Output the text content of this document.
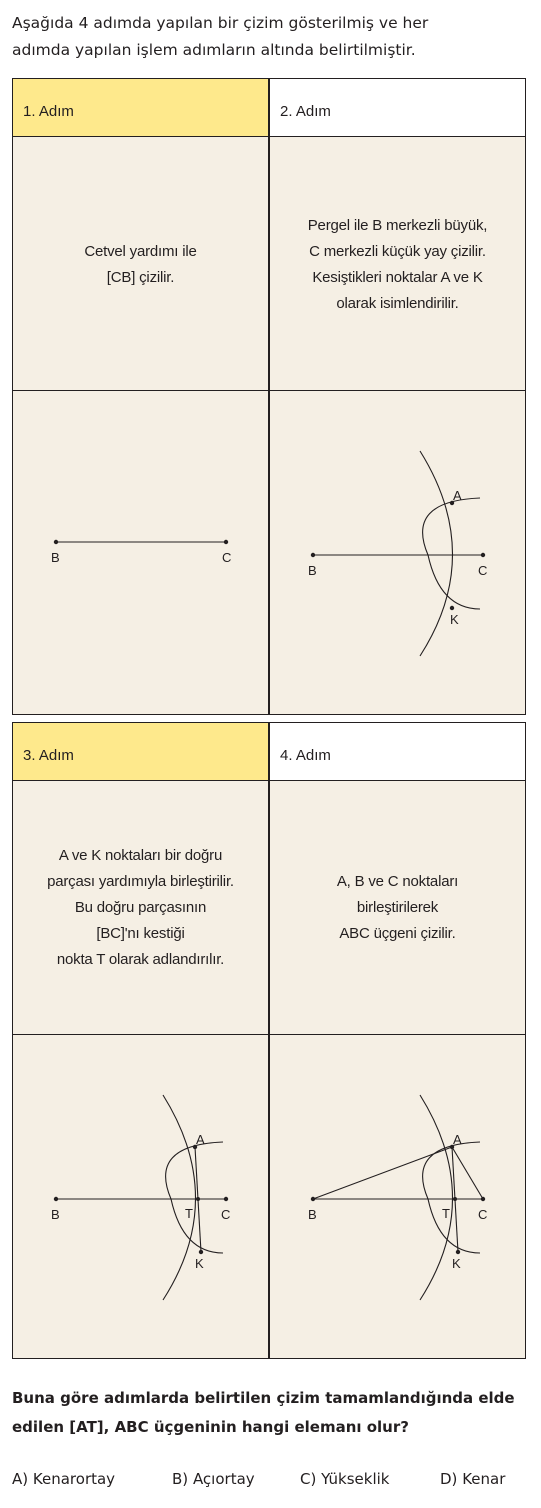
Aşağıda 4 adımda yapılan bir çizim gösterilmiş ve her
adımda yapılan işlem adımların altında belirtilmiştir.
1. Adım
Cetvel yardımı ile
[CB] çizilir.
B	C
2. Adım
Pergel ile B merkezli büyük,
C merkezli küçük yay çizilir.
Kesiştikleri noktalar A ve K
olarak isimlendirilir.
A
K
B	C
3. Adım
A ve K noktaları bir doğru
parçası yardımıyla birleştirilir.
Bu doğru parçasının
[BC]'nı kestiği
nokta T olarak adlandırılır.
A
K
T
B	C
4. Adım
A, B ve C noktaları
birleştirilerek
ABC üçgeni çizilir.
A
K
T
B	C
Buna göre adımlarda belirtilen çizim tamamlandığında elde
edilen [AT], ABC üçgeninin hangi elemanı olur?
A) Kenarortay	B) Açıortay	C) Yükseklik	D) Kenar
